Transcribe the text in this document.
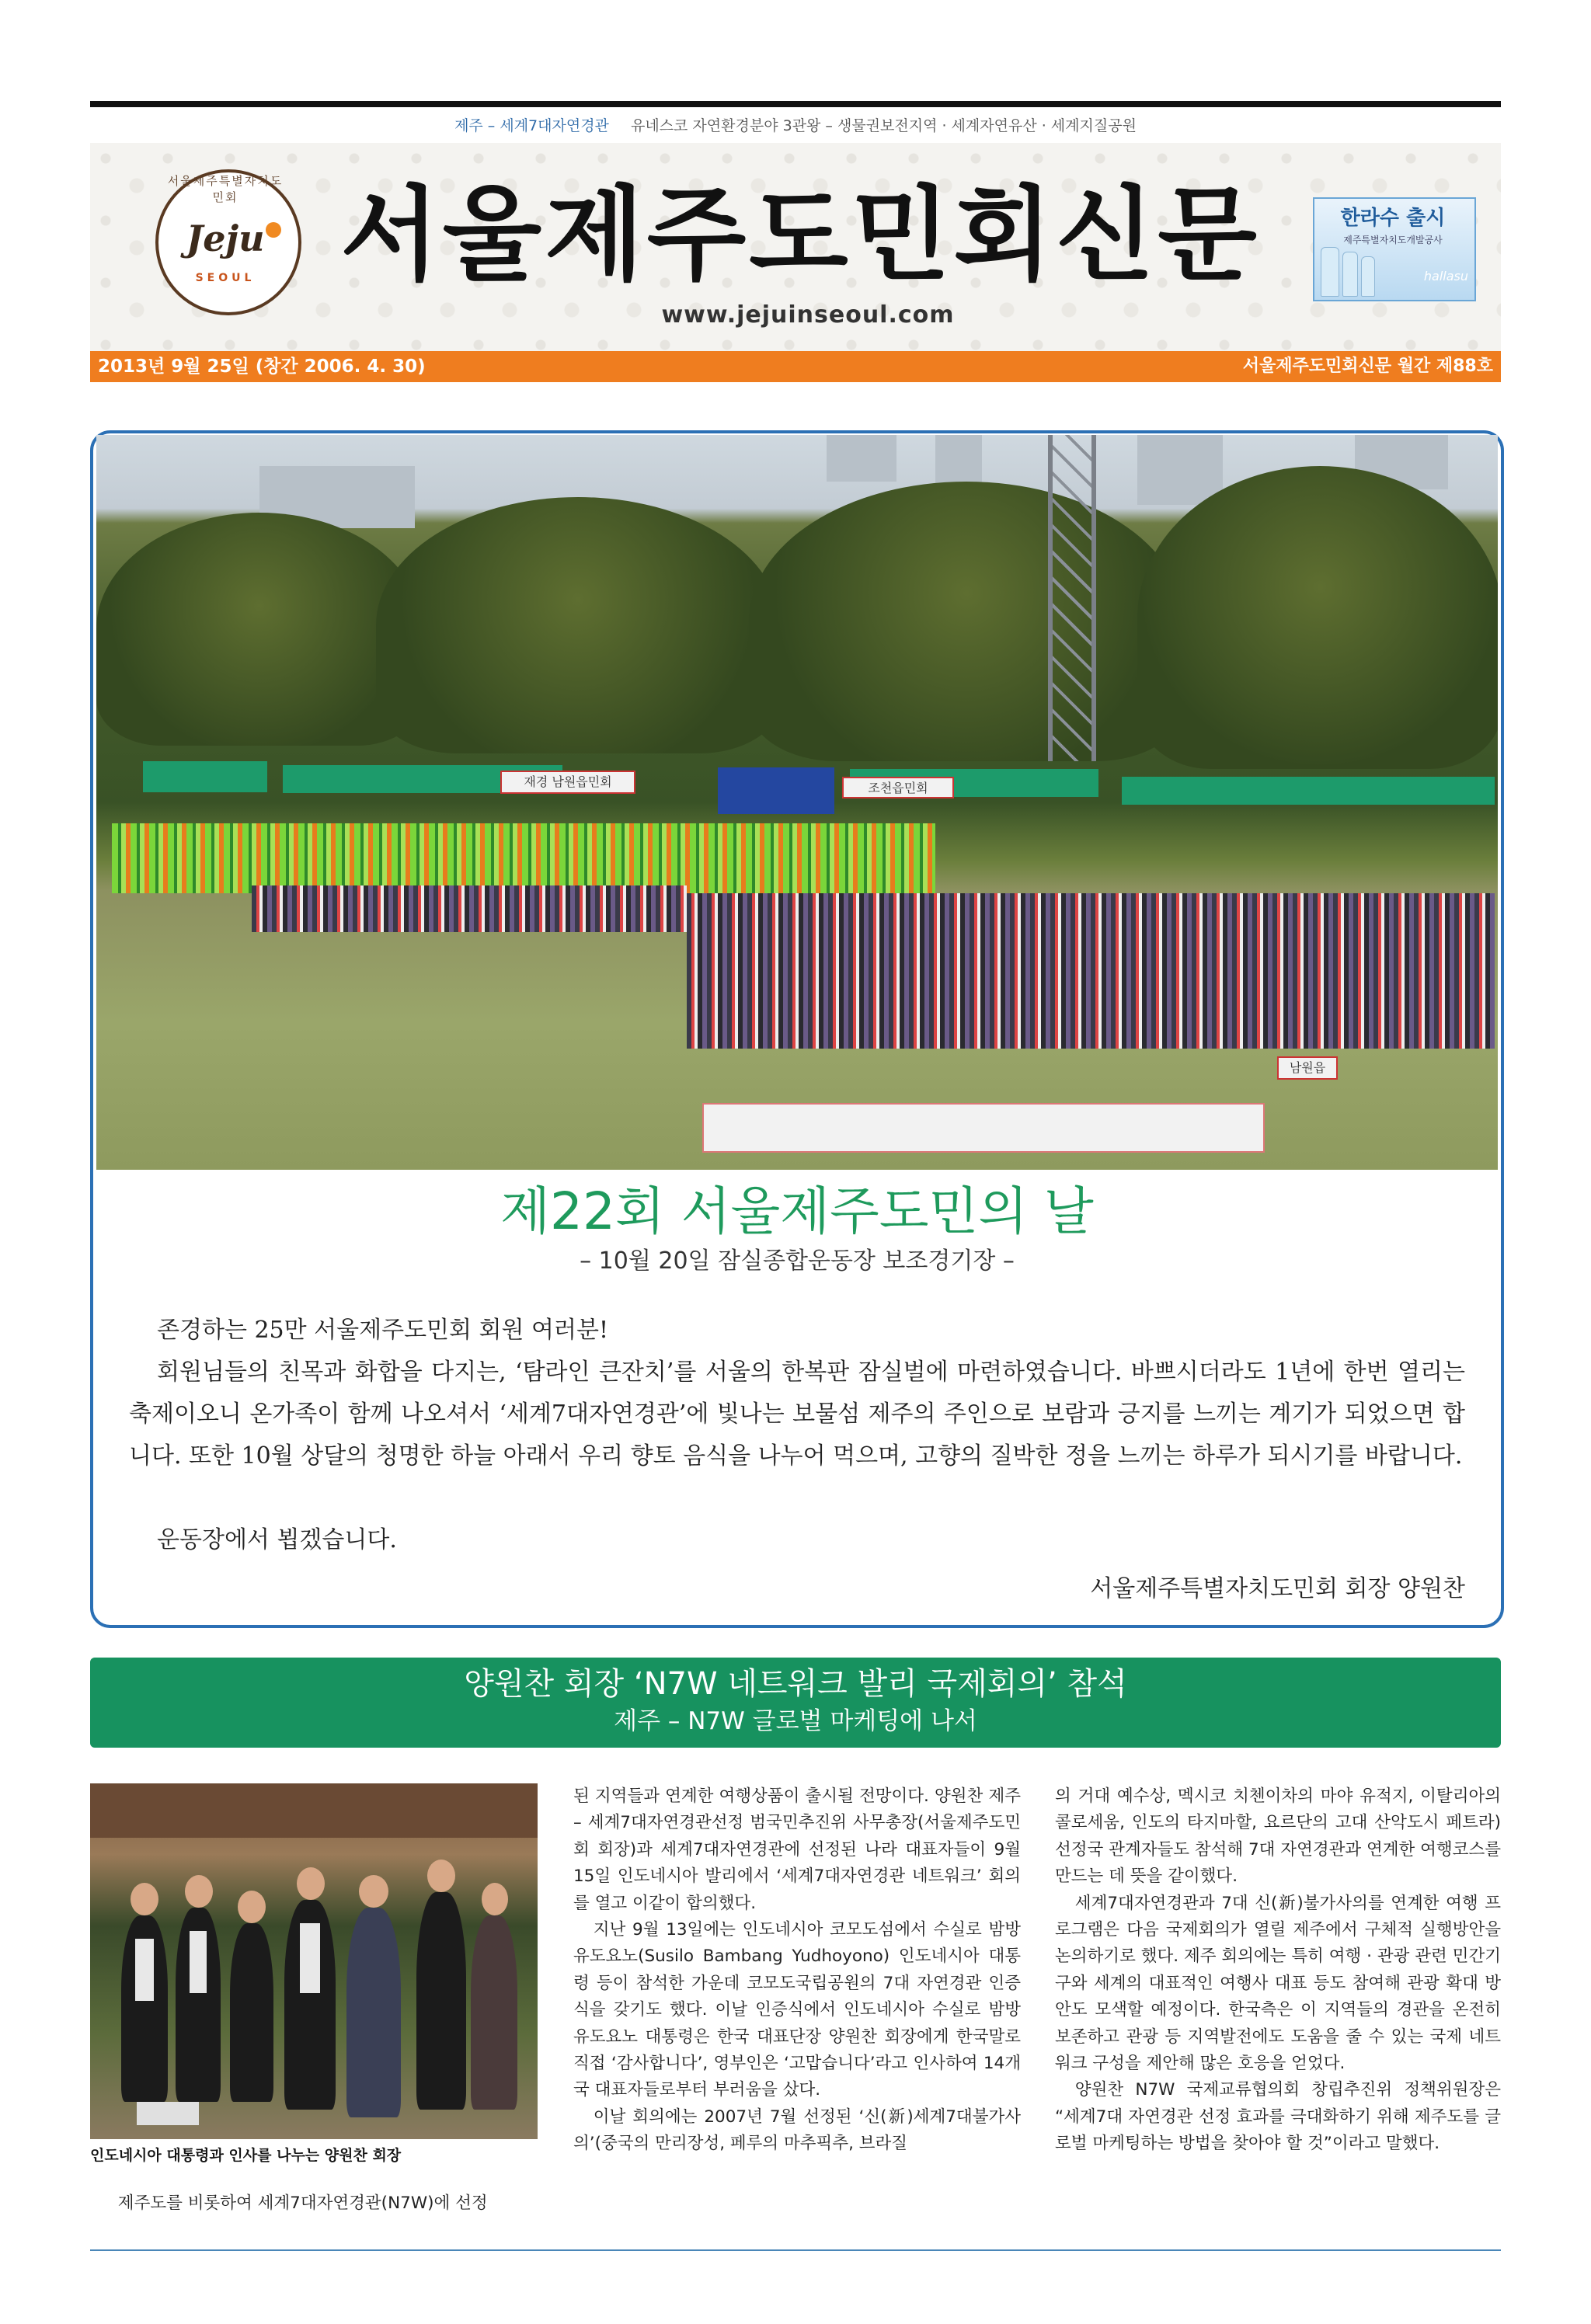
제주 – 세계7대자연경관 유네스코 자연환경분야 3관왕 – 생물권보전지역 · 세계자연유산 · 세계지질공원
서울제주특별자치도민회
Jeju
SEOUL 서울제주도민회신문
www.jejuinseoul.com
한라수 출시
제주특별자치도개발공사
hallasu
2013년 9월 25일 (창간 2006. 4. 30)	서울제주도민회신문 월간 제88호
재경 남원읍민회	조천읍민회
남원읍
제22회 서울제주도민의 날
– 10월 20일 잠실종합운동장 보조경기장 –
존경하는 25만 서울제주도민회 회원 여러분!
회원님들의 친목과 화합을 다지는, ‘탐라인 큰잔치’를 서울의 한복판 잠실벌에 마련하였습니다. 바쁘시더라도 1년에 한번 열리는 축제이오니 온가족이 함께 나오셔서 ‘세계7대자연경관’에 빛나는 보물섬 제주의 주인으로 보람과 긍지를 느끼는 계기가 되었으면 합니다. 또한 10월 상달의 청명한 하늘 아래서 우리 향토 음식을 나누어 먹으며, 고향의 질박한 정을 느끼는 하루가 되시기를 바랍니다.
운동장에서 뵙겠습니다.
서울제주특별자치도민회 회장 양원찬
양원찬 회장 ‘N7W 네트워크 발리 국제회의’ 참석
제주 – N7W 글로벌 마케팅에 나서
인도네시아 대통령과 인사를 나누는 양원찬 회장

제주도를 비롯하여 세계7대자연경관(N7W)에 선정

된 지역들과 연계한 여행상품이 출시될 전망이다. 양원찬 제주 – 세계7대자연경관선정 범국민추진위 사무총장(서울제주도민회 회장)과 세계7대자연경관에 선정된 나라 대표자들이 9월 15일 인도네시아 발리에서 ‘세계7대자연경관 네트워크’ 회의를 열고 이같이 합의했다.

지난 9월 13일에는 인도네시아 코모도섬에서 수실로 밤방 유도요노(Susilo Bambang Yudhoyono) 인도네시아 대통령 등이 참석한 가운데 코모도국립공원의 7대 자연경관 인증식을 갖기도 했다. 이날 인증식에서 인도네시아 수실로 밤방 유도요노 대통령은 한국 대표단장 양원찬 회장에게 한국말로 직접 ‘감사합니다’, 영부인은 ‘고맙습니다’라고 인사하여 14개국 대표자들로부터 부러움을 샀다.

이날 회의에는 2007년 7월 선정된 ‘신(新)세계7대불가사의’(중국의 만리장성, 페루의 마추픽추, 브라질

의 거대 예수상, 멕시코 치첸이차의 마야 유적지, 이탈리아의 콜로세움, 인도의 타지마할, 요르단의 고대 산악도시 페트라) 선정국 관계자들도 참석해 7대 자연경관과 연계한 여행코스를 만드는 데 뜻을 같이했다.

세계7대자연경관과 7대 신(新)불가사의를 연계한 여행 프로그램은 다음 국제회의가 열릴 제주에서 구체적 실행방안을 논의하기로 했다. 제주 회의에는 특히 여행 · 관광 관련 민간기구와 세계의 대표적인 여행사 대표 등도 참여해 관광 확대 방안도 모색할 예정이다. 한국측은 이 지역들의 경관을 온전히 보존하고 관광 등 지역발전에도 도움을 줄 수 있는 국제 네트워크 구성을 제안해 많은 호응을 얻었다.

양원찬 N7W 국제교류협의회 창립추진위 정책위원장은 “세계7대 자연경관 선정 효과를 극대화하기 위해 제주도를 글로벌 마케팅하는 방법을 찾아야 할 것”이라고 말했다.
